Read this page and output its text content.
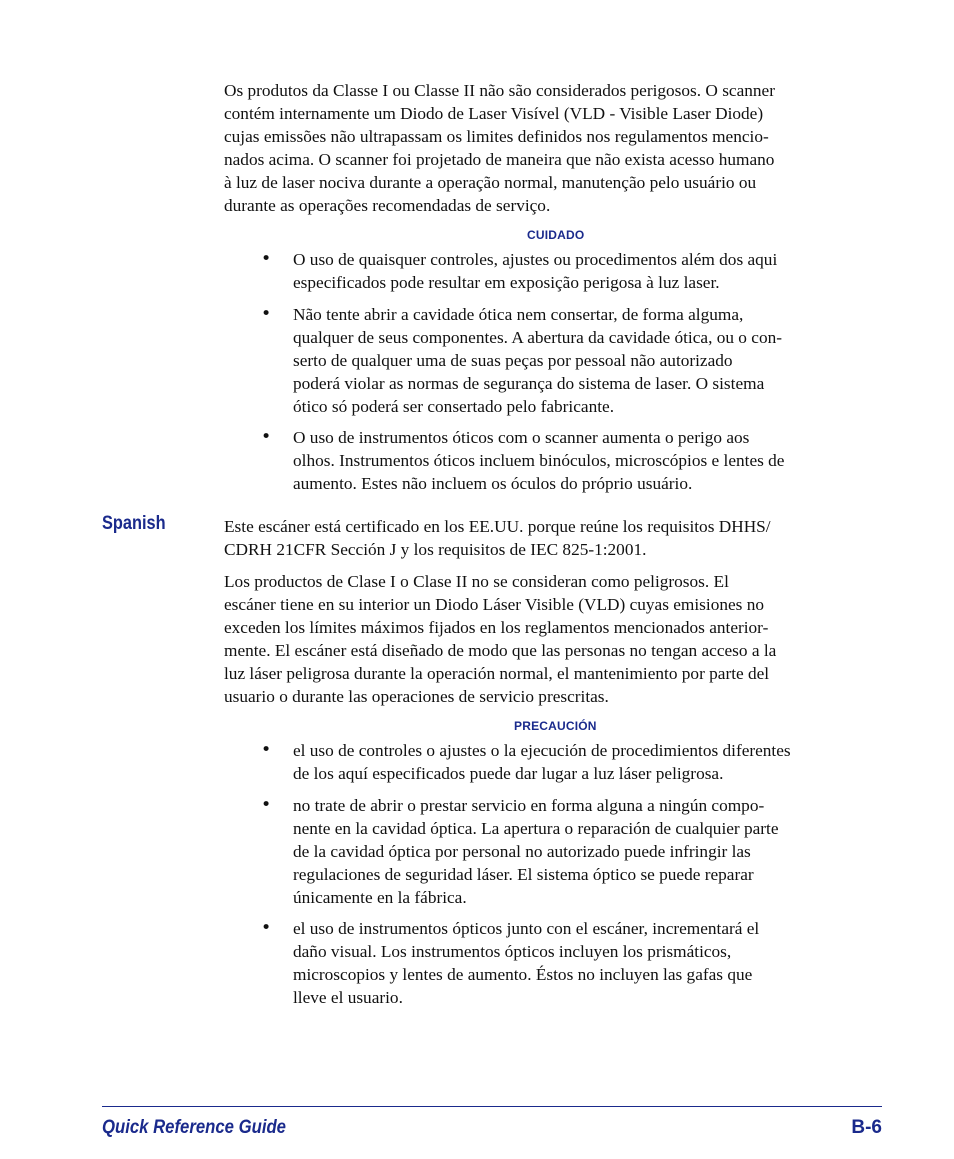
Os produtos da Classe I ou Classe II não são considerados perigosos. O scanner
contém internamente um Diodo de Laser Visível (VLD - Visible Laser Diode)
cujas emissões não ultrapassam os limites definidos nos regulamentos mencio-
nados acima. O scanner foi projetado de maneira que não exista acesso humano
à luz de laser nociva durante a operação normal, manutenção pelo usuário ou
durante as operações recomendadas de serviço.

CUIDADO
• O uso de quaisquer controles, ajustes ou procedimentos além dos aqui
especificados pode resultar em exposição perigosa à luz laser.
• Não tente abrir a cavidade ótica nem consertar, de forma alguma,
qualquer de seus componentes. A abertura da cavidade ótica, ou o con-
serto de qualquer uma de suas peças por pessoal não autorizado
poderá violar as normas de segurança do sistema de laser. O sistema
ótico só poderá ser consertado pelo fabricante.
• O uso de instrumentos óticos com o scanner aumenta o perigo aos
olhos. Instrumentos óticos incluem binóculos, microscópios e lentes de
aumento. Estes não incluem os óculos do próprio usuário.
Spanish	Este escáner está certificado en los EE.UU. porque reúne los requisitos DHHS/
CDRH 21CFR Sección J y los requisitos de IEC 825-1:2001.

Los productos de Clase I o Clase II no se consideran como peligrosos. El
escáner tiene en su interior un Diodo Láser Visible (VLD) cuyas emisiones no
exceden los límites máximos fijados en los reglamentos mencionados anterior-
mente. El escáner está diseñado de modo que las personas no tengan acceso a la
luz láser peligrosa durante la operación normal, el mantenimiento por parte del
usuario o durante las operaciones de servicio prescritas.

PRECAUCIÓN
• el uso de controles o ajustes o la ejecución de procedimientos diferentes
de los aquí especificados puede dar lugar a luz láser peligrosa.
• no trate de abrir o prestar servicio en forma alguna a ningún compo-
nente en la cavidad óptica. La apertura o reparación de cualquier parte
de la cavidad óptica por personal no autorizado puede infringir las
regulaciones de seguridad láser. El sistema óptico se puede reparar
únicamente en la fábrica.
• el uso de instrumentos ópticos junto con el escáner, incrementará el
daño visual. Los instrumentos ópticos incluyen los prismáticos,
microscopios y lentes de aumento. Éstos no incluyen las gafas que
lleve el usuario.
Quick Reference Guide	B-6
